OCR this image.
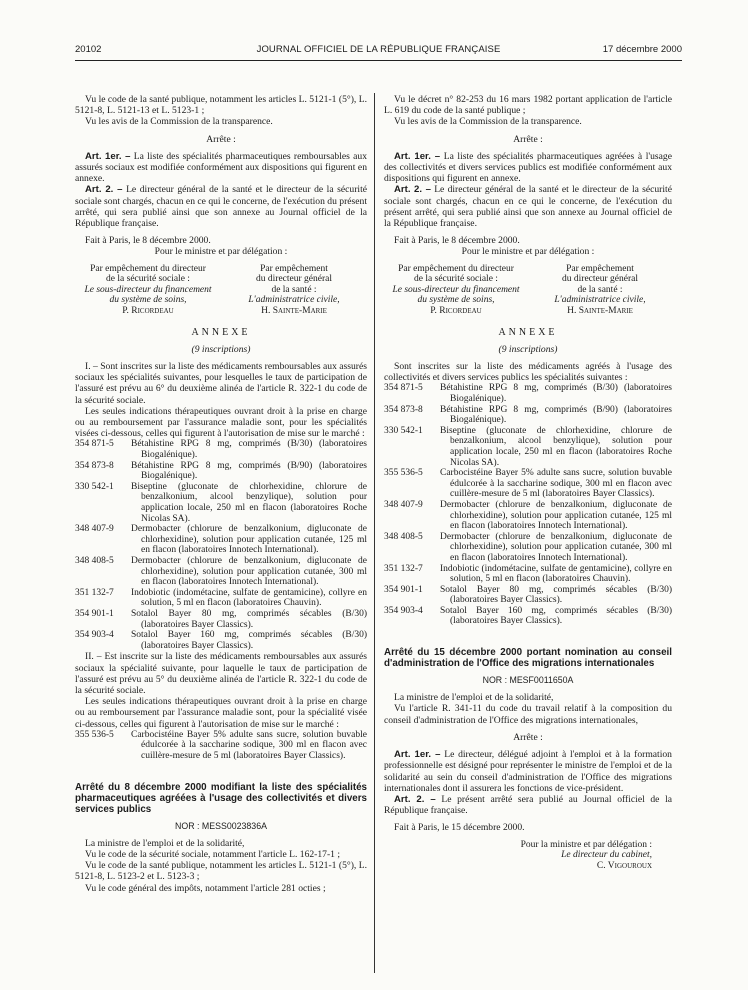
20102	JOURNAL OFFICIEL DE LA RÉPUBLIQUE FRANÇAISE	17 décembre 2000

Vu le code de la santé publique, notamment les articles L. 5121-1 (5°), L. 5121-8, L. 5121-13 et L. 5123-1 ;

Vu les avis de la Commission de la transparence.

Arrête :

Art. 1er. – La liste des spécialités pharmaceutiques remboursables aux assurés sociaux est modifiée conformément aux dispositions qui figurent en annexe.

Art. 2. – Le directeur général de la santé et le directeur de la sécurité sociale sont chargés, chacun en ce qui le concerne, de l'exécution du présent arrêté, qui sera publié ainsi que son annexe au Journal officiel de la République française.

Fait à Paris, le 8 décembre 2000.

Pour le ministre et par délégation :

Par empêchement du directeur
de la sécurité sociale :
Le sous-directeur du financement
du système de soins,
P. Ricordeau
Par empêchement
du directeur général
de la santé :
L'administratrice civile,
H. Sainte-Marie
ANNEXE

(9 inscriptions)

I. – Sont inscrites sur la liste des médicaments remboursables aux assurés sociaux les spécialités suivantes, pour lesquelles le taux de participation de l'assuré est prévu au 6° du deuxième alinéa de l'article R. 322-1 du code de la sécurité sociale.

Les seules indications thérapeutiques ouvrant droit à la prise en charge ou au remboursement par l'assurance maladie sont, pour les spécialités visées ci-dessous, celles qui figurent à l'autorisation de mise sur le marché :

354 871-5	Bétahistine RPG 8 mg, comprimés (B/30) (laboratoires Biogalénique).
354 873-8	Bétahistine RPG 8 mg, comprimés (B/90) (laboratoires Biogalénique).
330 542-1	Biseptine (gluconate de chlorhexidine, chlorure de benzalkonium, alcool benzylique), solution pour application locale, 250 ml en flacon (laboratoires Roche Nicolas SA).
348 407-9	Dermobacter (chlorure de benzalkonium, digluconate de chlorhexidine), solution pour application cutanée, 125 ml en flacon (laboratoires Innotech International).
348 408-5	Dermobacter (chlorure de benzalkonium, digluconate de chlorhexidine), solution pour application cutanée, 300 ml en flacon (laboratoires Innotech International).
351 132-7	Indobiotic (indométacine, sulfate de gentamicine), collyre en solution, 5 ml en flacon (laboratoires Chauvin).
354 901-1	Sotalol Bayer 80 mg, comprimés sécables (B/30) (laboratoires Bayer Classics).
354 903-4	Sotalol Bayer 160 mg, comprimés sécables (B/30) (laboratoires Bayer Classics).

II. – Est inscrite sur la liste des médicaments remboursables aux assurés sociaux la spécialité suivante, pour laquelle le taux de participation de l'assuré est prévu au 5° du deuxième alinéa de l'article R. 322-1 du code de la sécurité sociale.

Les seules indications thérapeutiques ouvrant droit à la prise en charge ou au remboursement par l'assurance maladie sont, pour la spécialité visée ci-dessous, celles qui figurent à l'autorisation de mise sur le marché :

355 536-5	Carbocistéine Bayer 5% adulte sans sucre, solution buvable édulcorée à la saccharine sodique, 300 ml en flacon avec cuillère-mesure de 5 ml (laboratoires Bayer Classics).
Arrêté du 8 décembre 2000 modifiant la liste des spécialités pharmaceutiques agréées à l'usage des collectivités et divers services publics
NOR : MESS0023836A

La ministre de l'emploi et de la solidarité,

Vu le code de la sécurité sociale, notamment l'article L. 162-17-1 ;

Vu le code de la santé publique, notamment les articles L. 5121-1 (5°), L. 5121-8, L. 5123-2 et L. 5123-3 ;

Vu le code général des impôts, notamment l'article 281 octies ;

Vu le décret n° 82-253 du 16 mars 1982 portant application de l'article L. 619 du code de la santé publique ;

Vu les avis de la Commission de la transparence.

Arrête :

Art. 1er. – La liste des spécialités pharmaceutiques agréées à l'usage des collectivités et divers services publics est modifiée conformément aux dispositions qui figurent en annexe.

Art. 2. – Le directeur général de la santé et le directeur de la sécurité sociale sont chargés, chacun en ce qui le concerne, de l'exécution du présent arrêté, qui sera publié ainsi que son annexe au Journal officiel de la République française.

Fait à Paris, le 8 décembre 2000.

Pour le ministre et par délégation :

Par empêchement du directeur
de la sécurité sociale :
Le sous-directeur du financement
du système de soins,
P. Ricordeau
Par empêchement
du directeur général
de la santé :
L'administratrice civile,
H. Sainte-Marie
ANNEXE

(9 inscriptions)

Sont inscrites sur la liste des médicaments agréés à l'usage des collectivités et divers services publics les spécialités suivantes :

354 871-5	Bétahistine RPG 8 mg, comprimés (B/30) (laboratoires Biogalénique).
354 873-8	Bétahistine RPG 8 mg, comprimés (B/90) (laboratoires Biogalénique).
330 542-1	Biseptine (gluconate de chlorhexidine, chlorure de benzalkonium, alcool benzylique), solution pour application locale, 250 ml en flacon (laboratoires Roche Nicolas SA).
355 536-5	Carbocistéine Bayer 5% adulte sans sucre, solution buvable édulcorée à la saccharine sodique, 300 ml en flacon avec cuillère-mesure de 5 ml (laboratoires Bayer Classics).
348 407-9	Dermobacter (chlorure de benzalkonium, digluconate de chlorhexidine), solution pour application cutanée, 125 ml en flacon (laboratoires Innotech International).
348 408-5	Dermobacter (chlorure de benzalkonium, digluconate de chlorhexidine), solution pour application cutanée, 300 ml en flacon (laboratoires Innotech International).
351 132-7	Indobiotic (indométacine, sulfate de gentamicine), collyre en solution, 5 ml en flacon (laboratoires Chauvin).
354 901-1	Sotalol Bayer 80 mg, comprimés sécables (B/30) (laboratoires Bayer Classics).
354 903-4	Sotalol Bayer 160 mg, comprimés sécables (B/30) (laboratoires Bayer Classics).
Arrêté du 15 décembre 2000 portant nomination au conseil d'administration de l'Office des migrations internationales
NOR : MESF0011650A

La ministre de l'emploi et de la solidarité,

Vu l'article R. 341-11 du code du travail relatif à la composition du conseil d'administration de l'Office des migrations internationales,

Arrête :

Art. 1er. – Le directeur, délégué adjoint à l'emploi et à la formation professionnelle est désigné pour représenter le ministre de l'emploi et de la solidarité au sein du conseil d'administration de l'Office des migrations internationales dont il assurera les fonctions de vice-président.

Art. 2. – Le présent arrêté sera publié au Journal officiel de la République française.

Fait à Paris, le 15 décembre 2000.

Pour la ministre et par délégation :
Le directeur du cabinet,
C. Vigouroux
